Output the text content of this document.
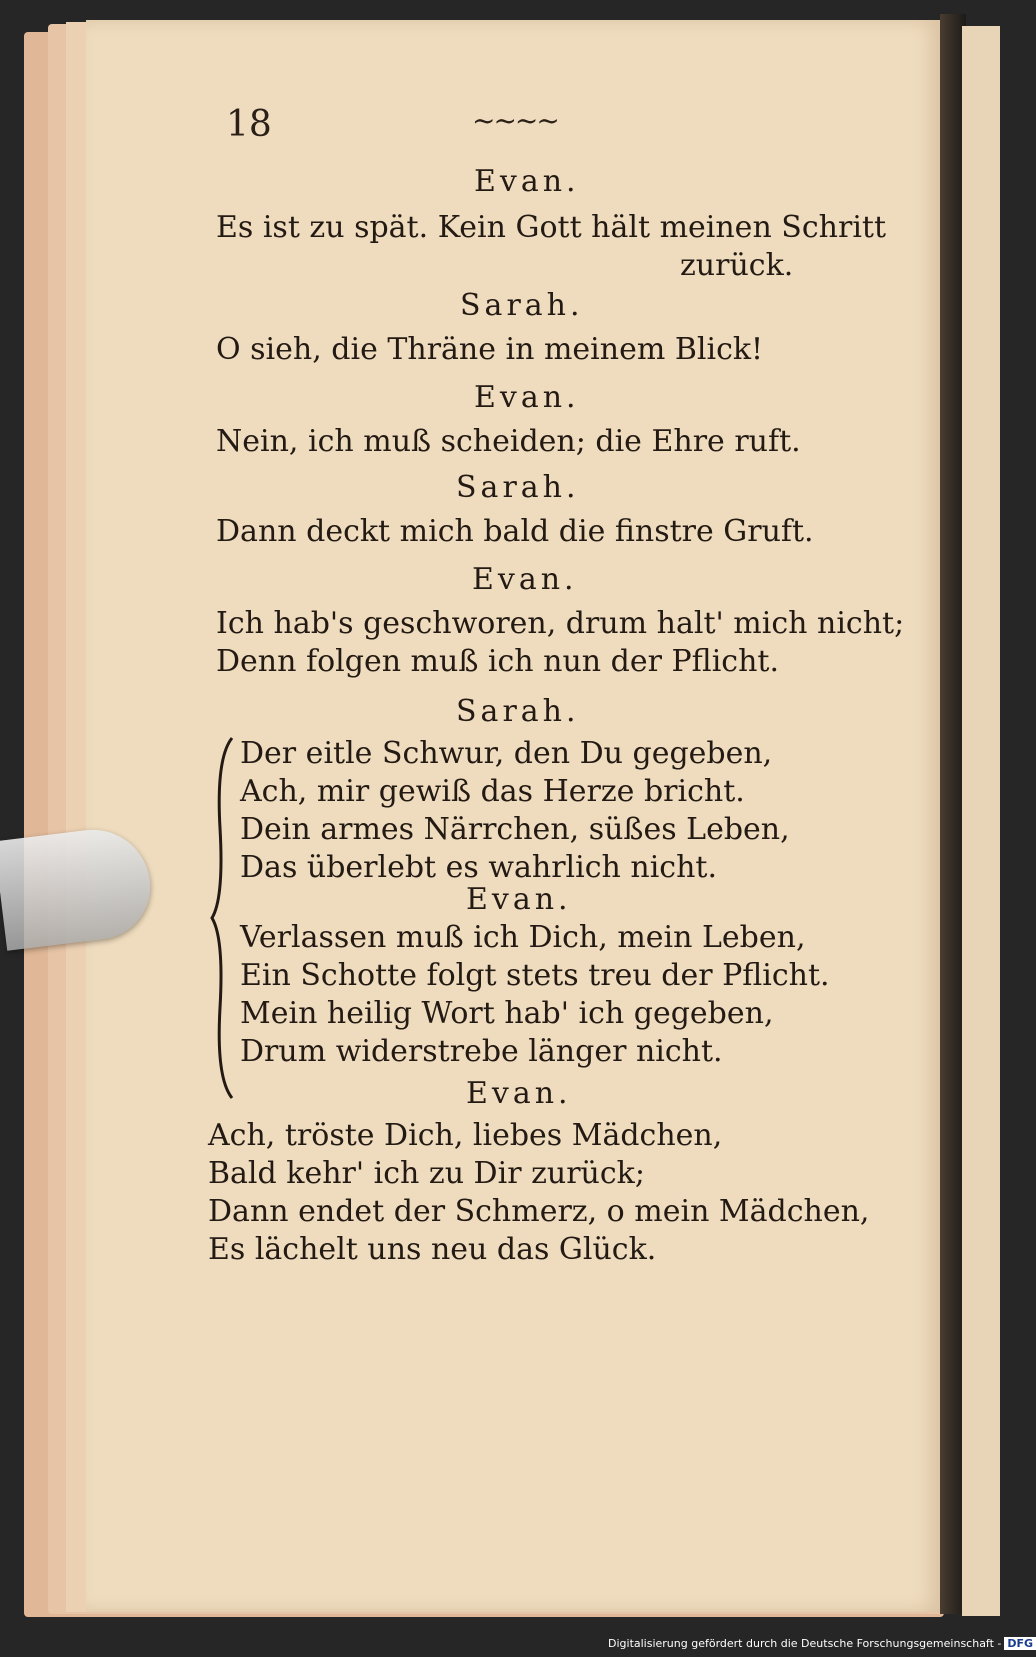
18	~~~~
Evan.
Es ist zu spät. Kein Gott hält meinen Schritt
zurück.
Sarah.
O sieh, die Thräne in meinem Blick!
Evan.
Nein, ich muß scheiden; die Ehre ruft.
Sarah.
Dann deckt mich bald die finstre Gruft.
Evan.
Ich hab's geschworen, drum halt' mich nicht;
Denn folgen muß ich nun der Pflicht.
Sarah.
Der eitle Schwur, den Du gegeben,
Ach, mir gewiß das Herze bricht.
Dein armes Närrchen, süßes Leben,
Das überlebt es wahrlich nicht.
Evan.
Verlassen muß ich Dich, mein Leben,
Ein Schotte folgt stets treu der Pflicht.
Mein heilig Wort hab' ich gegeben,
Drum widerstrebe länger nicht.
Evan.
Ach, tröste Dich, liebes Mädchen,
Bald kehr' ich zu Dir zurück;
Dann endet der Schmerz, o mein Mädchen,
Es lächelt uns neu das Glück.
Digitalisierung gefördert durch die Deutsche Forschungsgemeinschaft - DFG
